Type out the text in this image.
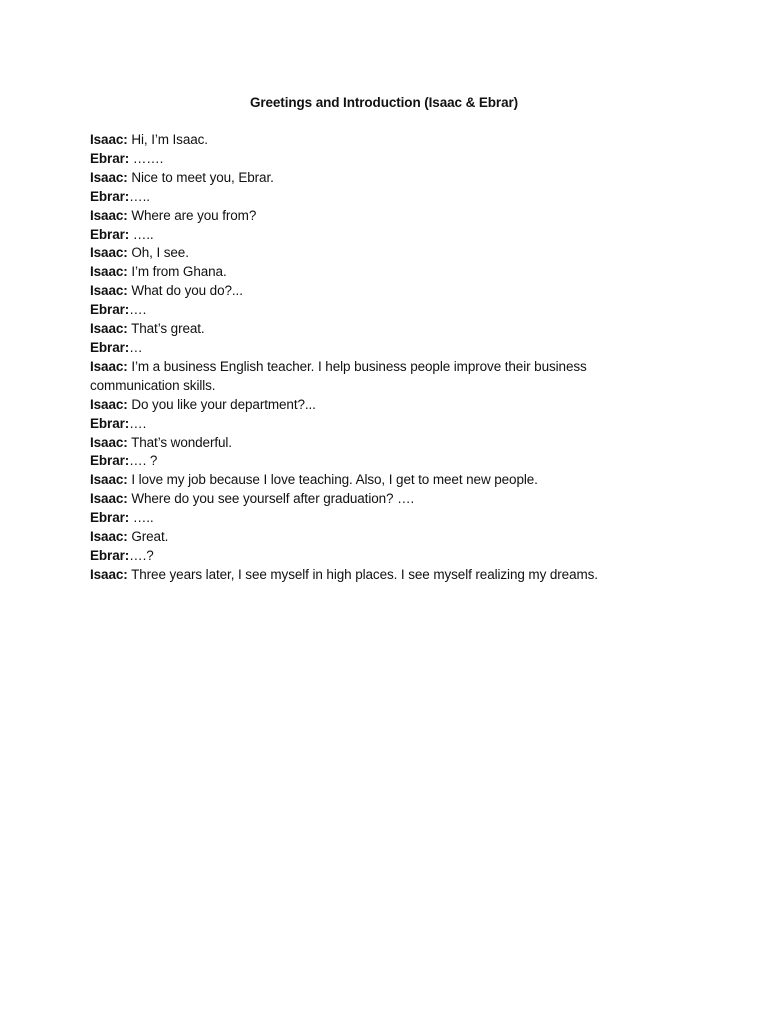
Greetings and Introduction (Isaac & Ebrar)

Isaac: Hi, I’m Isaac.

Ebrar: …….

Isaac: Nice to meet you, Ebrar.

Ebrar:…..

Isaac: Where are you from?

Ebrar: …..

Isaac: Oh, I see.

Isaac: I’m from Ghana.

Isaac: What do you do?...

Ebrar:….

Isaac: That’s great.

Ebrar:…

Isaac: I’m a business English teacher. I help business people improve their business communication skills.

Isaac: Do you like your department?...

Ebrar:….

Isaac: That’s wonderful.

Ebrar:…. ?

Isaac: I love my job because I love teaching. Also, I get to meet new people.

Isaac: Where do you see yourself after graduation? ….

Ebrar: …..

Isaac: Great.

Ebrar:….?

Isaac: Three years later, I see myself in high places. I see myself realizing my dreams.
